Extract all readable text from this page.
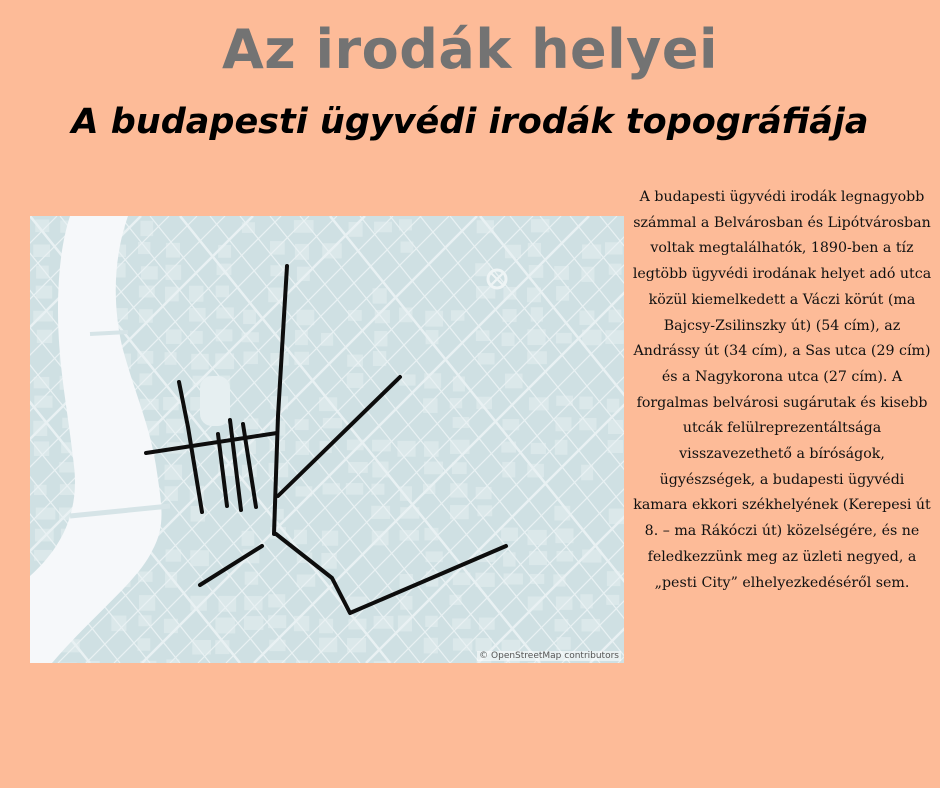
Az irodák helyei
A budapesti ügyvédi irodák topográfiája
© OpenStreetMap contributors

A budapesti ügyvédi irodák legnagyobb számmal a Belvárosban és Lipótvárosban voltak megtalálhatók, 1890-ben a tíz legtöbb ügyvédi irodának helyet adó utca közül kiemelkedett a Váczi körút (ma Bajcsy-Zsilinszky út) (54 cím), az Andrássy út (34 cím), a Sas utca (29 cím) és a Nagykorona utca (27 cím). A forgalmas belvárosi sugárutak és kisebb utcák felülreprezentáltsága visszavezethető a bíróságok, ügyészségek, a budapesti ügyvédi kamara ekkori székhelyének (Kerepesi út 8. – ma Rákóczi út) közelségére, és ne feledkezzünk meg az üzleti negyed, a „pesti City” elhelyezkedéséről sem.
